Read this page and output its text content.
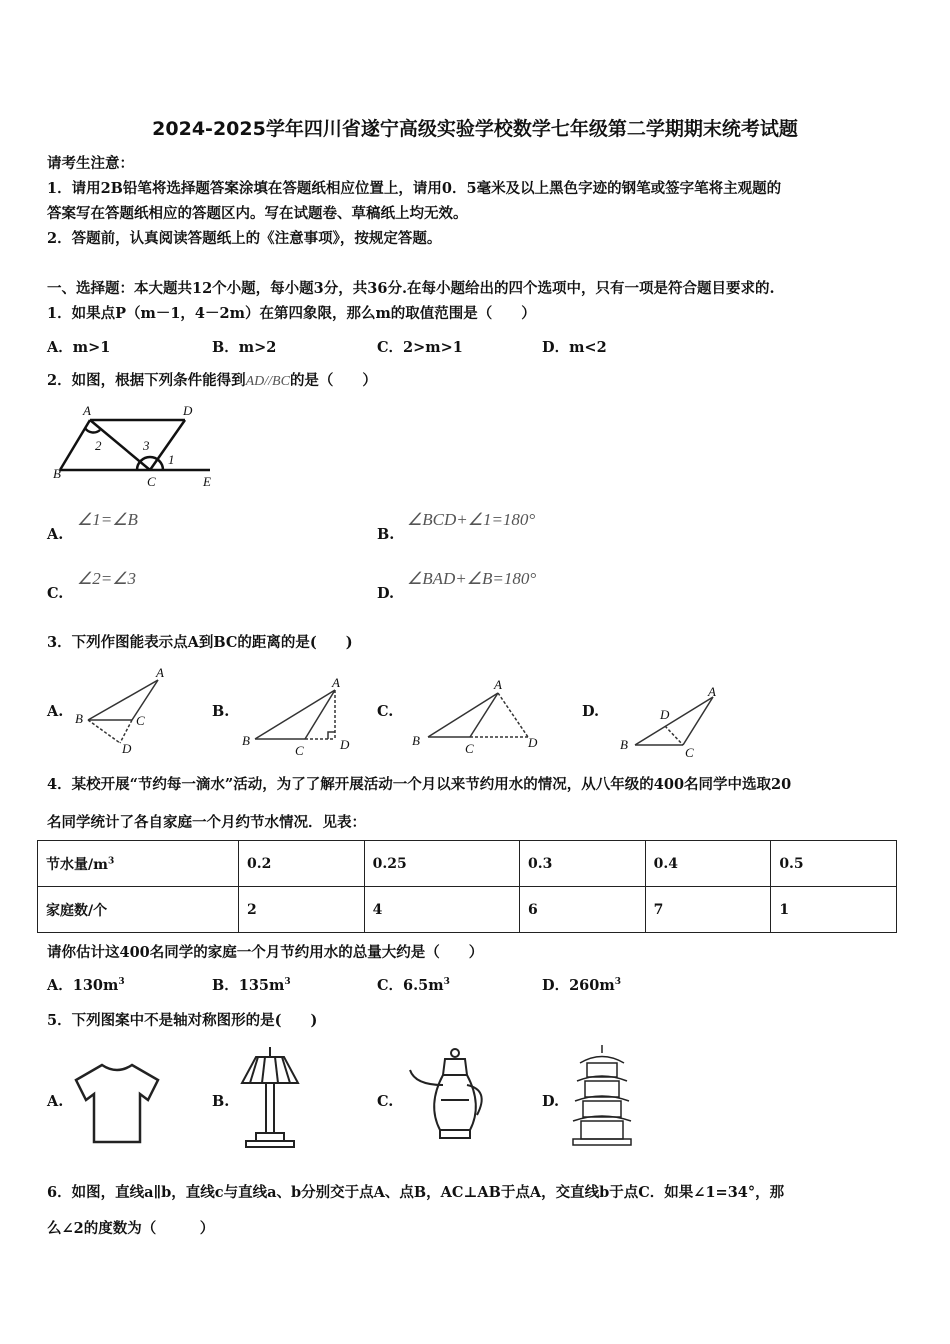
2024-2025学年四川省遂宁高级实验学校数学七年级第二学期期末统考试题
请考生注意：
1．请用2B铅笔将选择题答案涂填在答题纸相应位置上，请用0．5毫米及以上黑色字迹的钢笔或签字笔将主观题的
答案写在答题纸相应的答题区内。写在试题卷、草稿纸上均无效。
2．答题前，认真阅读答题纸上的《注意事项》，按规定答题。
一、选择题：本大题共12个小题，每小题3分，共36分.在每小题给出的四个选项中，只有一项是符合题目要求的.
1．如果点P（m－1，4－2m）在第四象限，那么m的取值范围是（　　）
A．m>1	B．m>2	C．2>m>1	D．m<2
2．如图，根据下列条件能得到AD//BC的是（　　）
A	D
2	3
1
B
C	E
A.
∠1=∠B
B.
∠BCD+∠1=180°
C.
∠2=∠3
D.
∠BAD+∠B=180°
3．下列作图能表示点A到BC的距离的是(　　)
A.	B.	C.	D.
A
B	C
D
A
B
C	D
A
B
C	D
A
B
C
D
4．某校开展“节约每一滴水”活动，为了了解开展活动一个月以来节约用水的情况，从八年级的400名同学中选取20
名同学统计了各自家庭一个月约节水情况．见表：
节水量$/m^3$	0.2	0.25	0.3	0.4	0.5
家庭数/个	2	4	6	7	1
请你估计这400名同学的家庭一个月节约用水的总量大约是（　　）
A．$130m^3$	B．$135m^3$	C．$6.5m^3$	D．$260m^3$
5．下列图案中不是轴对称图形的是(　　)
A.	B.	C.	D.
6．如图，直线a∥b，直线c与直线a、b分别交于点A、点B，AC⊥AB于点A，交直线b于点C．如果∠1=34°，那
么∠2的度数为（　　　）
